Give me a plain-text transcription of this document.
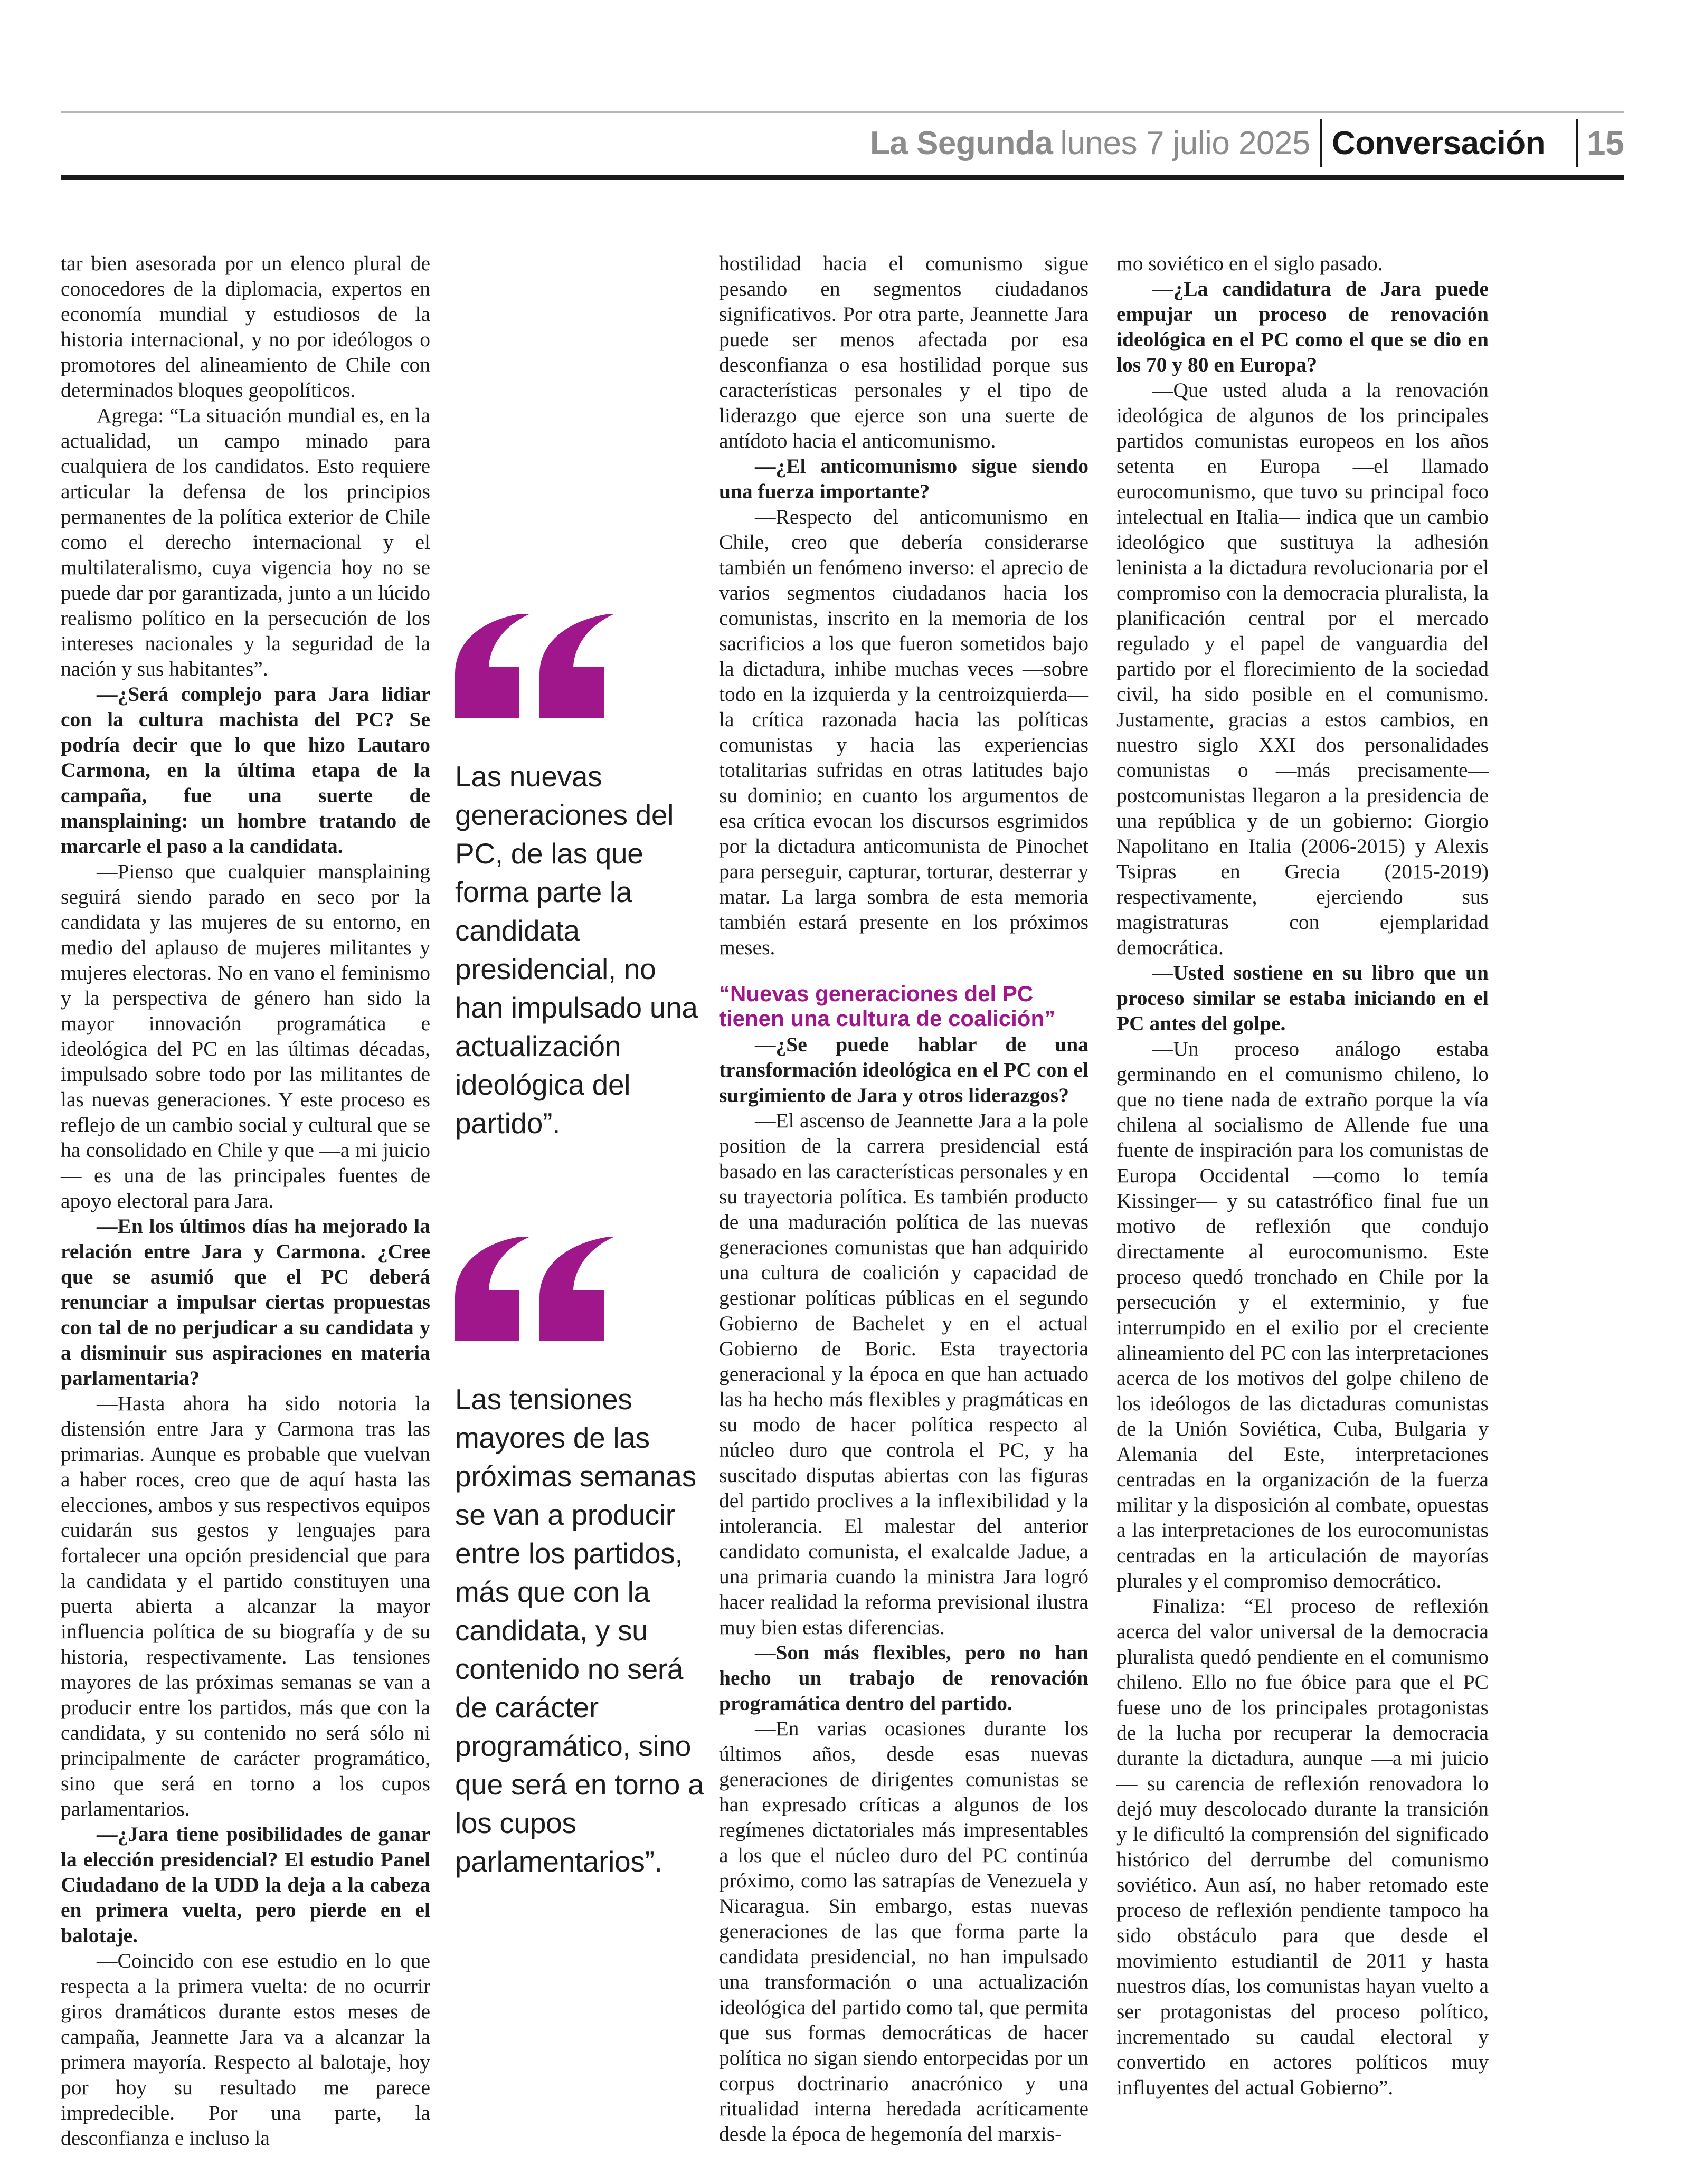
La Segunda lunes 7 julio 2025 Conversación 15

tar bien asesorada por un elenco plural de conocedores de la diplomacia, expertos en economía mundial y estudiosos de la historia internacional, y no por ideólogos o promotores del alineamiento de Chile con determinados bloques geopolíticos.

Agrega: “La situación mundial es, en la actualidad, un campo minado para cualquiera de los candidatos. Esto requiere articular la defensa de los principios permanentes de la política exterior de Chile como el derecho internacional y el multilateralismo, cuya vigencia hoy no se puede dar por garantizada, junto a un lúcido realismo político en la persecución de los intereses nacionales y la seguridad de la nación y sus habitantes”.

—¿Será complejo para Jara lidiar con la cultura machista del PC? Se podría decir que lo que hizo Lautaro Carmona, en la última etapa de la campaña, fue una suerte de mansplaining: un hombre tratando de marcarle el paso a la candidata.

—Pienso que cualquier mansplaining seguirá siendo parado en seco por la candidata y las mujeres de su entorno, en medio del aplauso de mujeres militantes y mujeres electoras. No en vano el feminismo y la perspectiva de género han sido la mayor innovación programática e ideológica del PC en las últimas décadas, impulsado sobre todo por las militantes de las nuevas generaciones. Y este proceso es reflejo de un cambio social y cultural que se ha consolidado en Chile y que —a mi juicio— es una de las principales fuentes de apoyo electoral para Jara.

—En los últimos días ha mejorado la relación entre Jara y Carmona. ¿Cree que se asumió que el PC deberá renunciar a impulsar ciertas propuestas con tal de no perjudicar a su candidata y a disminuir sus aspiraciones en materia parlamentaria?

—Hasta ahora ha sido notoria la distensión entre Jara y Carmona tras las primarias. Aunque es probable que vuelvan a haber roces, creo que de aquí hasta las elecciones, ambos y sus respectivos equipos cuidarán sus gestos y lenguajes para fortalecer una opción presidencial que para la candidata y el partido constituyen una puerta abierta a alcanzar la mayor influencia política de su biografía y de su historia, respectivamente. Las tensiones mayores de las próximas semanas se van a producir entre los partidos, más que con la candidata, y su contenido no será sólo ni principalmente de carácter programático, sino que será en torno a los cupos parlamentarios.

—¿Jara tiene posibilidades de ganar la elección presidencial? El estudio Panel Ciudadano de la UDD la deja a la cabeza en primera vuelta, pero pierde en el balotaje.

—Coincido con ese estudio en lo que respecta a la primera vuelta: de no ocurrir giros dramáticos durante estos meses de campaña, Jeannette Jara va a alcanzar la primera mayoría. Respecto al balotaje, hoy por hoy su resultado me parece impredecible. Por una parte, la desconfianza e incluso la

Las nuevas generaciones del PC, de las que forma parte la candidata presidencial, no han impulsado una actualización ideológica del partido”.

Las tensiones mayores de las próximas semanas se van a producir entre los partidos, más que con la candidata, y su contenido no será de carácter programático, sino que será en torno a los cupos parlamentarios”.

hostilidad hacia el comunismo sigue pesando en segmentos ciudadanos significativos. Por otra parte, Jeannette Jara puede ser menos afectada por esa desconfianza o esa hostilidad porque sus características personales y el tipo de liderazgo que ejerce son una suerte de antídoto hacia el anticomunismo.

—¿El anticomunismo sigue siendo una fuerza importante?

—Respecto del anticomunismo en Chile, creo que debería considerarse también un fenómeno inverso: el aprecio de varios segmentos ciudadanos hacia los comunistas, inscrito en la memoria de los sacrificios a los que fueron sometidos bajo la dictadura, inhibe muchas veces —sobre todo en la izquierda y la centroizquierda— la crítica razonada hacia las políticas comunistas y hacia las experiencias totalitarias sufridas en otras latitudes bajo su dominio; en cuanto los argumentos de esa crítica evocan los discursos esgrimidos por la dictadura anticomunista de Pinochet para perseguir, capturar, torturar, desterrar y matar. La larga sombra de esta memoria también estará presente en los próximos meses.

“Nuevas generaciones del PC tienen una cultura de coalición”

—¿Se puede hablar de una transformación ideológica en el PC con el surgimiento de Jara y otros liderazgos?

—El ascenso de Jeannette Jara a la pole position de la carrera presidencial está basado en las características personales y en su trayectoria política. Es también producto de una maduración política de las nuevas generaciones comunistas que han adquirido una cultura de coalición y capacidad de gestionar políticas públicas en el segundo Gobierno de Bachelet y en el actual Gobierno de Boric. Esta trayectoria generacional y la época en que han actuado las ha hecho más flexibles y pragmáticas en su modo de hacer política respecto al núcleo duro que controla el PC, y ha suscitado disputas abiertas con las figuras del partido proclives a la inflexibilidad y la intolerancia. El malestar del anterior candidato comunista, el exalcalde Jadue, a una primaria cuando la ministra Jara logró hacer realidad la reforma previsional ilustra muy bien estas diferencias.

—Son más flexibles, pero no han hecho un trabajo de renovación programática dentro del partido.

—En varias ocasiones durante los últimos años, desde esas nuevas generaciones de dirigentes comunistas se han expresado críticas a algunos de los regímenes dictatoriales más impresentables a los que el núcleo duro del PC continúa próximo, como las satrapías de Venezuela y Nicaragua. Sin embargo, estas nuevas generaciones de las que forma parte la candidata presidencial, no han impulsado una transformación o una actualización ideológica del partido como tal, que permita que sus formas democráticas de hacer política no sigan siendo entorpecidas por un corpus doctrinario anacrónico y una ritualidad interna heredada acríticamente desde la época de hegemonía del marxis-

mo soviético en el siglo pasado.

—¿La candidatura de Jara puede empujar un proceso de renovación ideológica en el PC como el que se dio en los 70 y 80 en Europa?

—Que usted aluda a la renovación ideológica de algunos de los principales partidos comunistas europeos en los años setenta en Europa —el llamado eurocomunismo, que tuvo su principal foco intelectual en Italia— indica que un cambio ideológico que sustituya la adhesión leninista a la dictadura revolucionaria por el compromiso con la democracia pluralista, la planificación central por el mercado regulado y el papel de vanguardia del partido por el florecimiento de la sociedad civil, ha sido posible en el comunismo. Justamente, gracias a estos cambios, en nuestro siglo XXI dos personalidades comunistas o —más precisamente— postcomunistas llegaron a la presidencia de una república y de un gobierno: Giorgio Napolitano en Italia (2006-2015) y Alexis Tsipras en Grecia (2015-2019) respectivamente, ejerciendo sus magistraturas con ejemplaridad democrática.

—Usted sostiene en su libro que un proceso similar se estaba iniciando en el PC antes del golpe.

—Un proceso análogo estaba germinando en el comunismo chileno, lo que no tiene nada de extraño porque la vía chilena al socialismo de Allende fue una fuente de inspiración para los comunistas de Europa Occidental —como lo temía Kissinger— y su catastrófico final fue un motivo de reflexión que condujo directamente al eurocomunismo. Este proceso quedó tronchado en Chile por la persecución y el exterminio, y fue interrumpido en el exilio por el creciente alineamiento del PC con las interpretaciones acerca de los motivos del golpe chileno de los ideólogos de las dictaduras comunistas de la Unión Soviética, Cuba, Bulgaria y Alemania del Este, interpretaciones centradas en la organización de la fuerza militar y la disposición al combate, opuestas a las interpretaciones de los eurocomunistas centradas en la articulación de mayorías plurales y el compromiso democrático.

Finaliza: “El proceso de reflexión acerca del valor universal de la democracia pluralista quedó pendiente en el comunismo chileno. Ello no fue óbice para que el PC fuese uno de los principales protagonistas de la lucha por recuperar la democracia durante la dictadura, aunque —a mi juicio— su carencia de reflexión renovadora lo dejó muy descolocado durante la transición y le dificultó la comprensión del significado histórico del derrumbe del comunismo soviético. Aun así, no haber retomado este proceso de reflexión pendiente tampoco ha sido obstáculo para que desde el movimiento estudiantil de 2011 y hasta nuestros días, los comunistas hayan vuelto a ser protagonistas del proceso político, incrementado su caudal electoral y convertido en actores políticos muy influyentes del actual Gobierno”.
